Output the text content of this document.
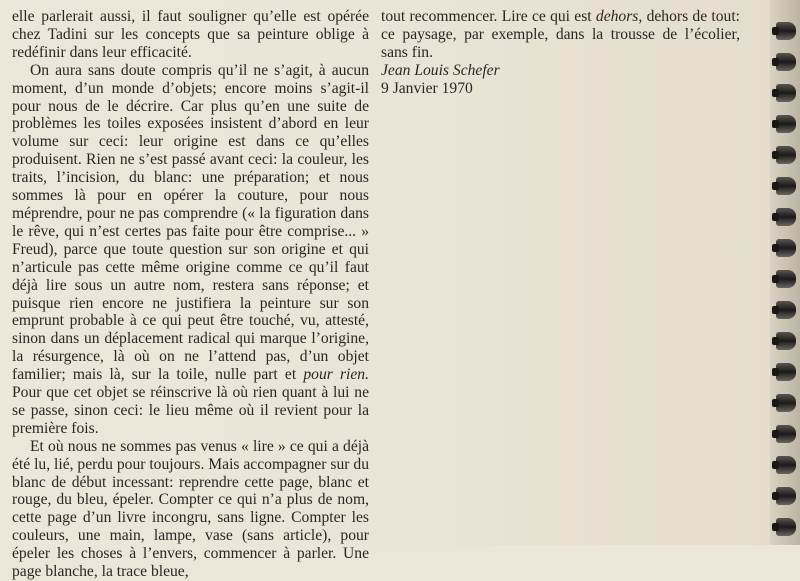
elle parlerait aussi, il faut souligner qu’elle est opérée chez Tadini sur les concepts que sa peinture oblige à redéfinir dans leur efficacité.

On aura sans doute compris qu’il ne s’agit, à aucun moment, d’un monde d’objets; encore moins s’agit-il pour nous de le décrire. Car plus qu’en une suite de problèmes les toiles exposées insistent d’abord en leur volume sur ceci: leur origine est dans ce qu’elles produisent. Rien ne s’est passé avant ceci: la couleur, les traits, l’incision, du blanc: une préparation; et nous sommes là pour en opérer la couture, pour nous méprendre, pour ne pas comprendre (« la figuration dans le rêve, qui n’est certes pas faite pour être comprise... » Freud), parce que toute question sur son origine et qui n’articule pas cette même origine comme ce qu’il faut déjà lire sous un autre nom, restera sans réponse; et puisque rien encore ne justifiera la peinture sur son emprunt probable à ce qui peut être touché, vu, attesté, sinon dans un déplacement radical qui marque l’origine, la résurgence, là où on ne l’attend pas, d’un objet familier; mais là, sur la toile, nulle part et pour rien. Pour que cet objet se réinscrive là où rien quant à lui ne se passe, sinon ceci: le lieu même où il revient pour la première fois.

Et où nous ne sommes pas venus « lire » ce qui a déjà été lu, lié, perdu pour toujours. Mais accompagner sur du blanc de début incessant: reprendre cette page, blanc et rouge, du bleu, épeler. Compter ce qui n’a plus de nom, cette page d’un livre incongru, sans ligne. Compter les couleurs, une main, lampe, vase (sans article), pour épeler les choses à l’envers, commencer à parler. Une page blanche, la trace bleue,

tout recommencer. Lire ce qui est dehors, dehors de tout: ce paysage, par exemple, dans la trousse de l’écolier, sans fin.

Jean Louis Schefer

9 Janvier 1970
